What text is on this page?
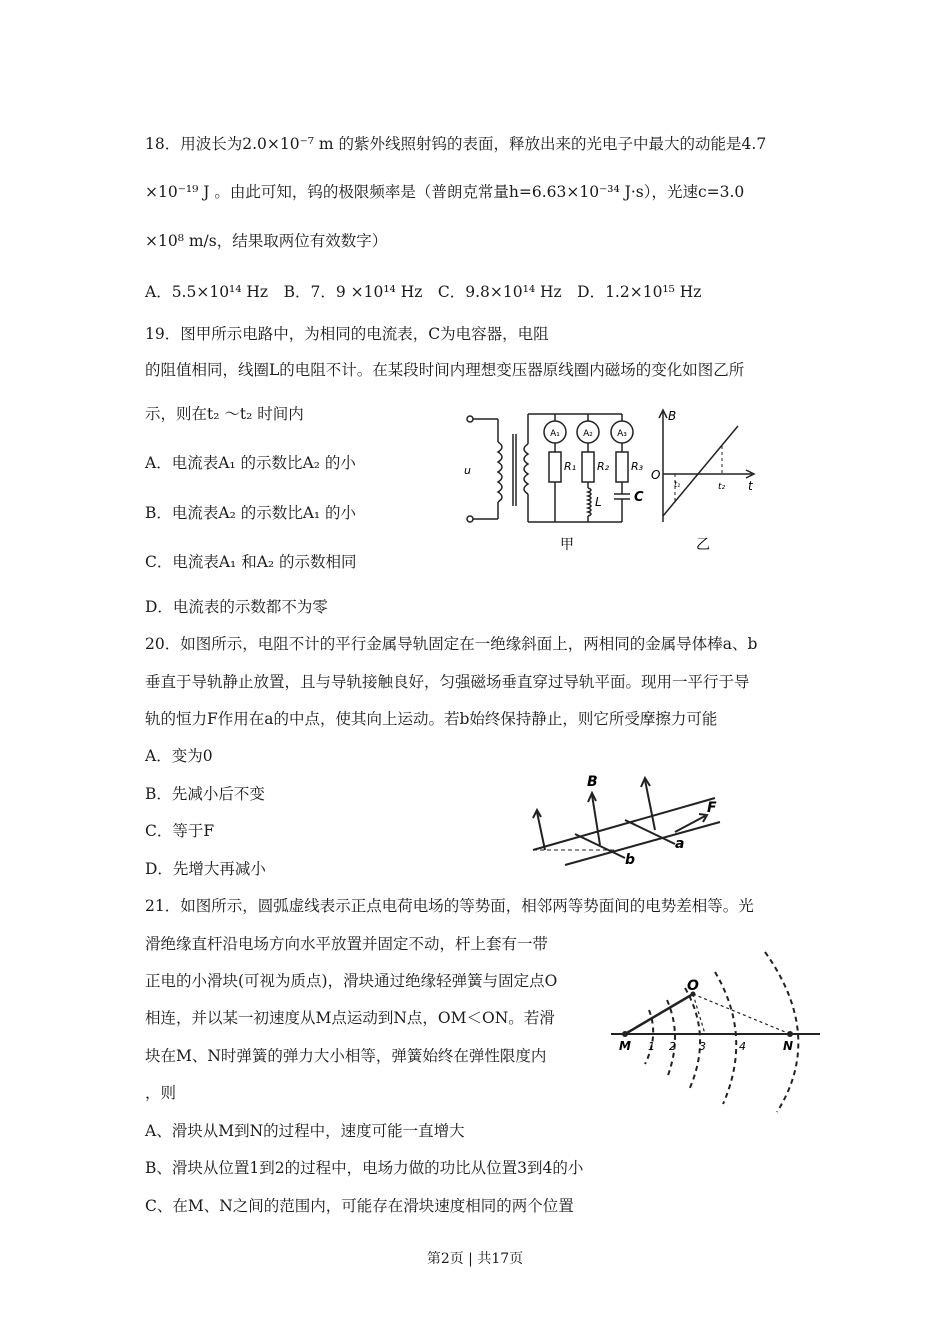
18．用波长为2.0×10⁻⁷ m 的紫外线照射钨的表面，释放出来的光电子中最大的动能是4.7
×10⁻¹⁹ J 。由此可知，钨的极限频率是（普朗克常量h=6.63×10⁻³⁴ J·s），光速c=3.0
×10⁸ m/s，结果取两位有效数字）
A．5.5×10¹⁴ Hz　B．7．9 ×10¹⁴ Hz　C．9.8×10¹⁴ Hz　D．1.2×10¹⁵ Hz
19．图甲所示电路中，为相同的电流表，C为电容器，电阻
的阻值相同，线圈L的电阻不计。在某段时间内理想变压器原线圈内磁场的变化如图乙所
示，则在t₂ ～t₂ 时间内
A．电流表A₁ 的示数比A₂ 的小
B．电流表A₂ 的示数比A₁ 的小
C．电流表A₁ 和A₂ 的示数相同
D．电流表的示数都不为零
A₁	A₂	A₃
R₁ R₂ R₃
L C
u
甲
B
O
t₁	t₂ t
乙
20．如图所示，电阻不计的平行金属导轨固定在一绝缘斜面上，两相同的金属导体棒a、b
垂直于导轨静止放置，且与导轨接触良好，匀强磁场垂直穿过导轨平面。现用一平行于导
轨的恒力F作用在a的中点，使其向上运动。若b始终保持静止，则它所受摩擦力可能
A．变为0
B．先减小后不变
C．等于F
D．先增大再减小
B
F
a
b
21．如图所示，圆弧虚线表示正点电荷电场的等势面，相邻两等势面间的电势差相等。光
滑绝缘直杆沿电场方向水平放置并固定不动，杆上套有一带
正电的小滑块(可视为质点)，滑块通过绝缘轻弹簧与固定点O
相连，并以某一初速度从M点运动到N点，OM＜ON。若滑
块在M、N时弹簧的弹力大小相等，弹簧始终在弹性限度内
，则
A、滑块从M到N的过程中，速度可能一直增大
B、滑块从位置1到2的过程中，电场力做的功比从位置3到4的小
C、在M、N之间的范围内，可能存在滑块速度相同的两个位置
O
M	N
1 2 3	4
第2页 | 共17页
